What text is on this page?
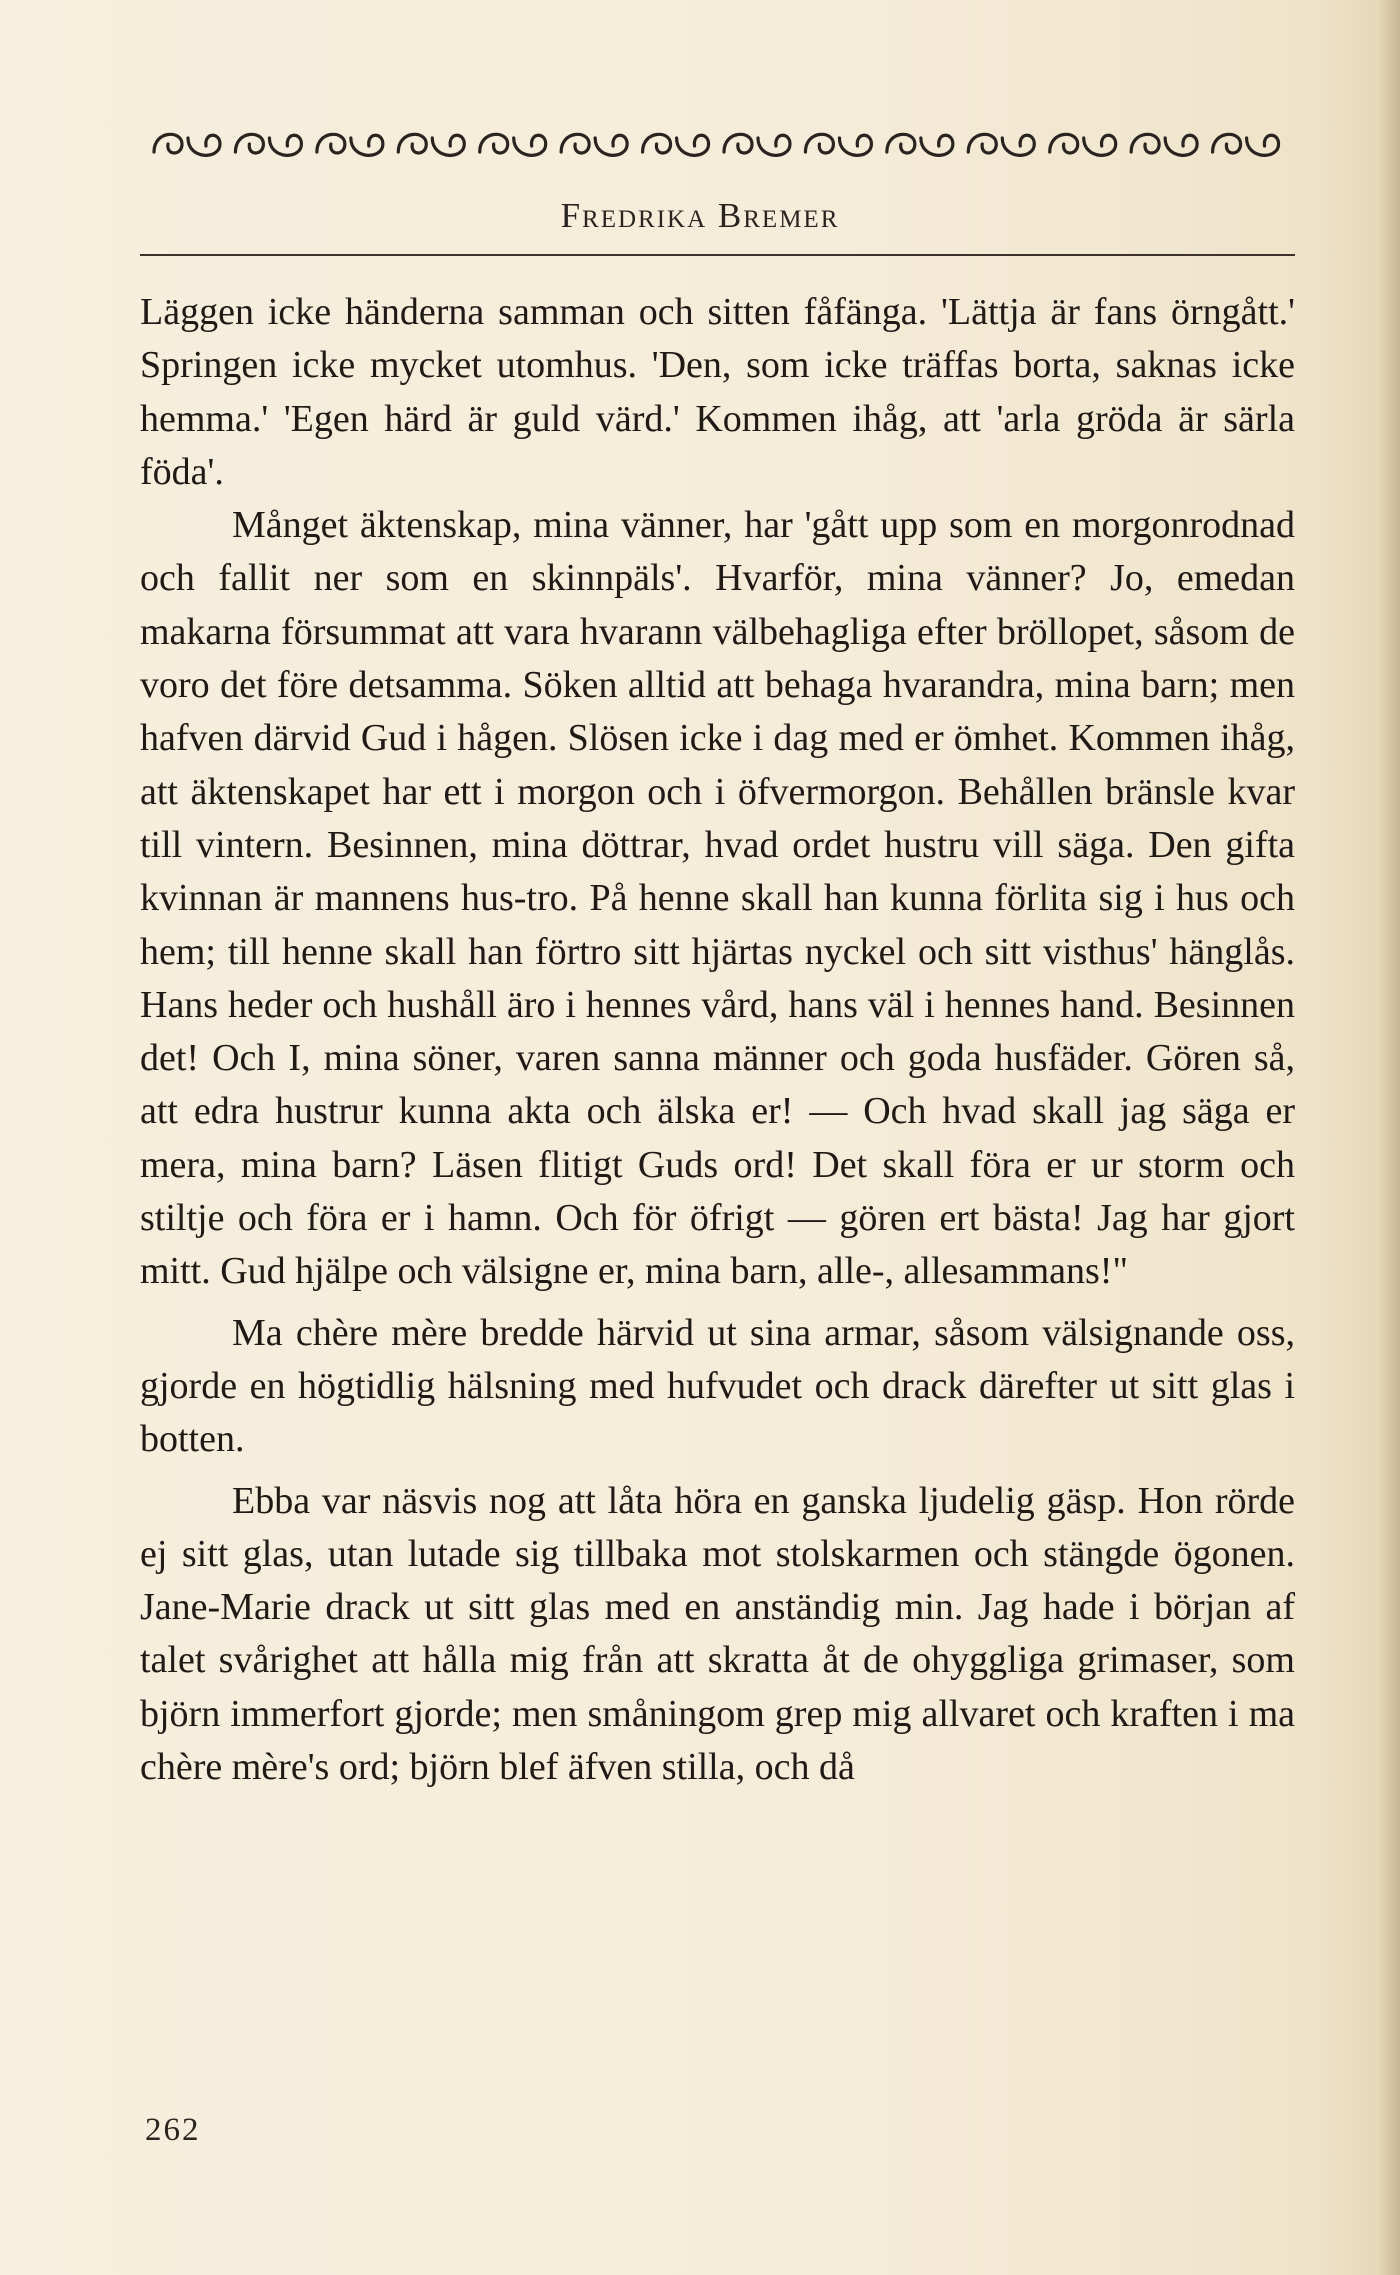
Fredrika Bremer

Läggen icke händerna samman och sitten fåfänga. 'Lättja är fans örngått.' Springen icke mycket utomhus. 'Den, som icke träffas borta, saknas icke hemma.' 'Egen härd är guld värd.' Kommen ihåg, att 'arla gröda är särla föda'.

Månget äktenskap, mina vänner, har 'gått upp som en morgonrodnad och fallit ner som en skinnpäls'. Hvarför, mina vänner? Jo, emedan makarna försummat att vara hvarann välbehagliga efter bröllopet, såsom de voro det före detsamma. Söken alltid att behaga hvarandra, mina barn; men hafven därvid Gud i hågen. Slösen icke i dag med er ömhet. Kommen ihåg, att äktenskapet har ett i morgon och i öfvermorgon. Behållen bränsle kvar till vintern. Besinnen, mina döttrar, hvad ordet hustru vill säga. Den gifta kvinnan är mannens hus-tro. På henne skall han kunna förlita sig i hus och hem; till henne skall han förtro sitt hjärtas nyckel och sitt visthus' hänglås. Hans heder och hushåll äro i hennes vård, hans väl i hennes hand. Besinnen det! Och I, mina söner, varen sanna männer och goda husfäder. Gören så, att edra hustrur kunna akta och älska er! — Och hvad skall jag säga er mera, mina barn? Läsen flitigt Guds ord! Det skall föra er ur storm och stiltje och föra er i hamn. Och för öfrigt — gören ert bästa! Jag har gjort mitt. Gud hjälpe och välsigne er, mina barn, alle-, allesammans!"

Ma chère mère bredde härvid ut sina armar, såsom välsignande oss, gjorde en högtidlig hälsning med hufvudet och drack därefter ut sitt glas i botten.

Ebba var näsvis nog att låta höra en ganska ljudelig gäsp. Hon rörde ej sitt glas, utan lutade sig tillbaka mot stolskarmen och stängde ögonen. Jane-Marie drack ut sitt glas med en anständig min. Jag hade i början af talet svårighet att hålla mig från att skratta åt de ohyggliga grimaser, som björn immerfort gjorde; men småningom grep mig allvaret och kraften i ma chère mère's ord; björn blef äfven stilla, och då

262
